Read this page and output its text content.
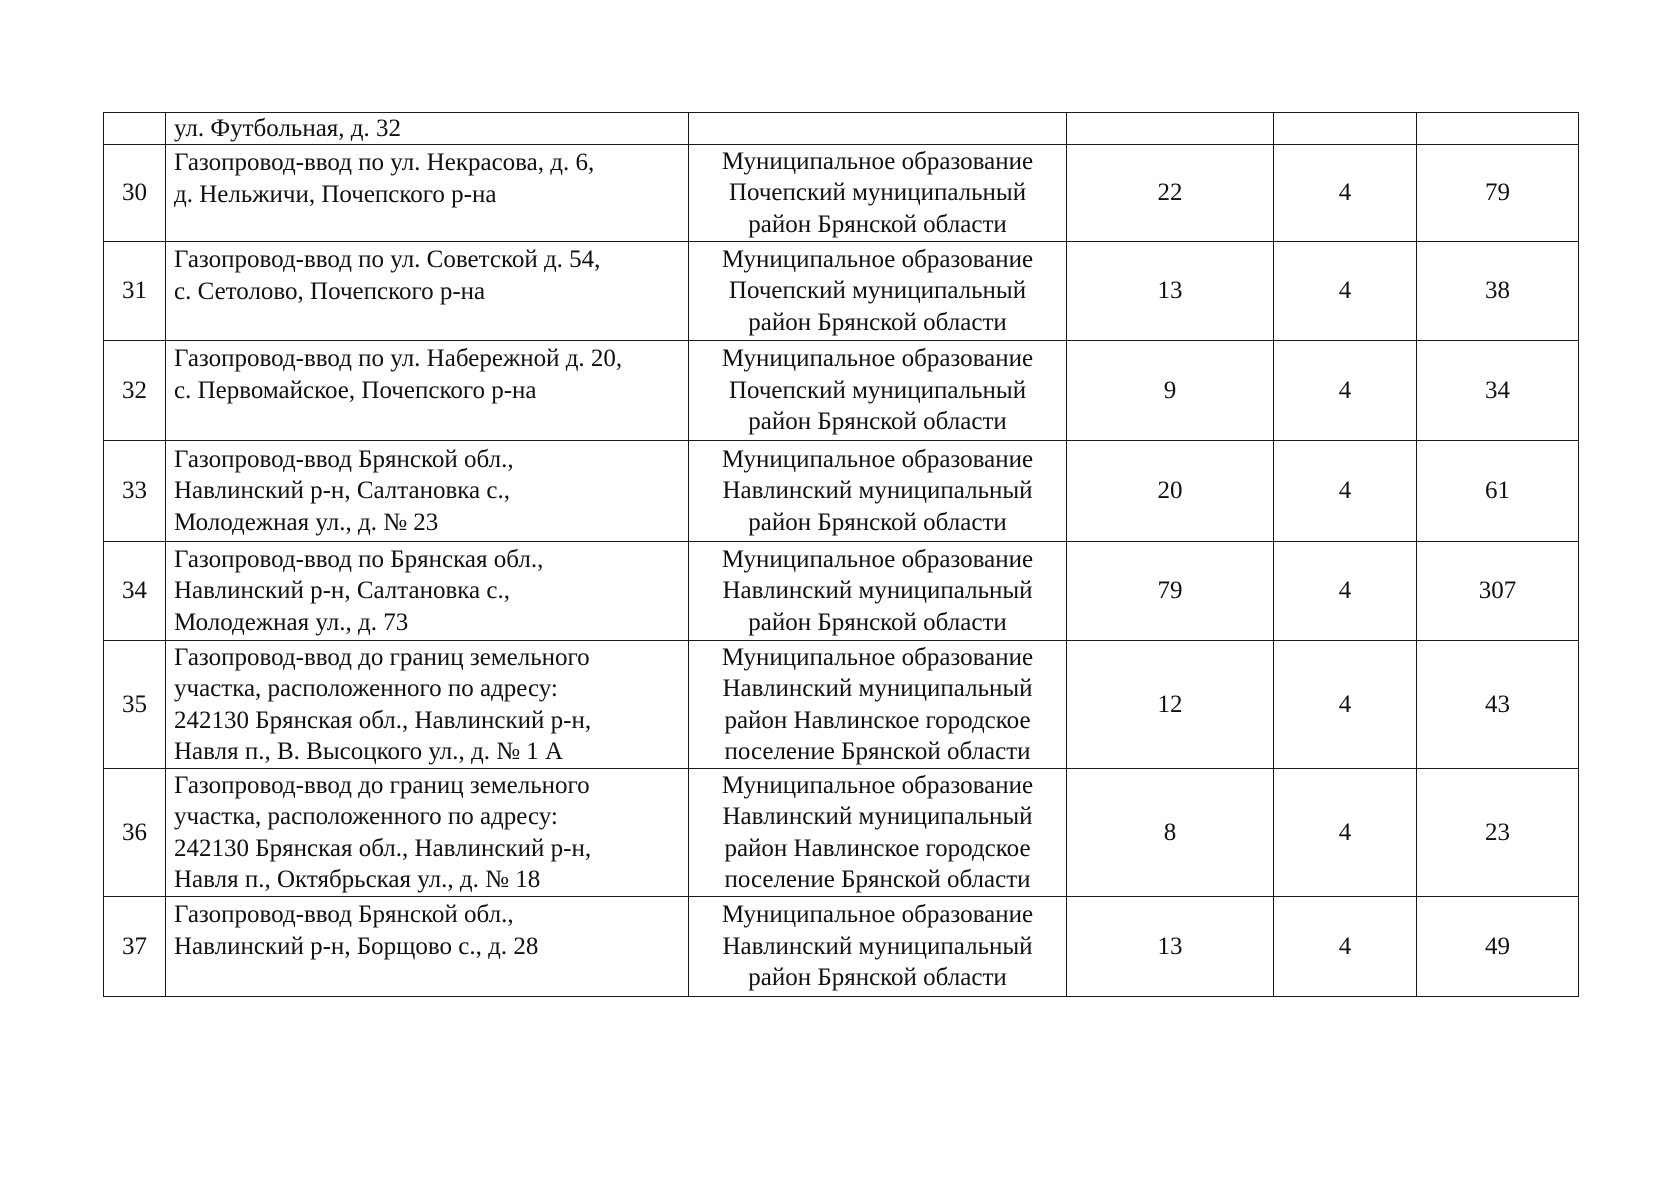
	ул. Футбольная, д. 32				
30	Газопровод-ввод по ул. Некрасова, д. 6,
д. Нельжичи, Почепского р-на	Муниципальное образование
Почепский муниципальный
район Брянской области	22	4	79
31	Газопровод-ввод по ул. Советской д. 54,
с. Сетолово, Почепского р-на	Муниципальное образование
Почепский муниципальный
район Брянской области	13	4	38
32	Газопровод-ввод по ул. Набережной д. 20,
с. Первомайское, Почепского р-на	Муниципальное образование
Почепский муниципальный
район Брянской области	9	4	34
33	Газопровод-ввод Брянской обл.,
Навлинский р-н, Салтановка с.,
Молодежная ул., д. № 23	Муниципальное образование
Навлинский муниципальный
район Брянской области	20	4	61
34	Газопровод-ввод по Брянская обл.,
Навлинский р-н, Салтановка с.,
Молодежная ул., д. 73	Муниципальное образование
Навлинский муниципальный
район Брянской области	79	4	307
35	Газопровод-ввод до границ земельного
участка, расположенного по адресу:
242130 Брянская обл., Навлинский р-н,
Навля п., В. Высоцкого ул., д. № 1 А	Муниципальное образование
Навлинский муниципальный
район Навлинское городское
поселение Брянской области	12	4	43
36	Газопровод-ввод до границ земельного
участка, расположенного по адресу:
242130 Брянская обл., Навлинский р-н,
Навля п., Октябрьская ул., д. № 18	Муниципальное образование
Навлинский муниципальный
район Навлинское городское
поселение Брянской области	8	4	23
37	Газопровод-ввод Брянской обл.,
Навлинский р-н, Борщово с., д. 28	Муниципальное образование
Навлинский муниципальный
район Брянской области	13	4	49
